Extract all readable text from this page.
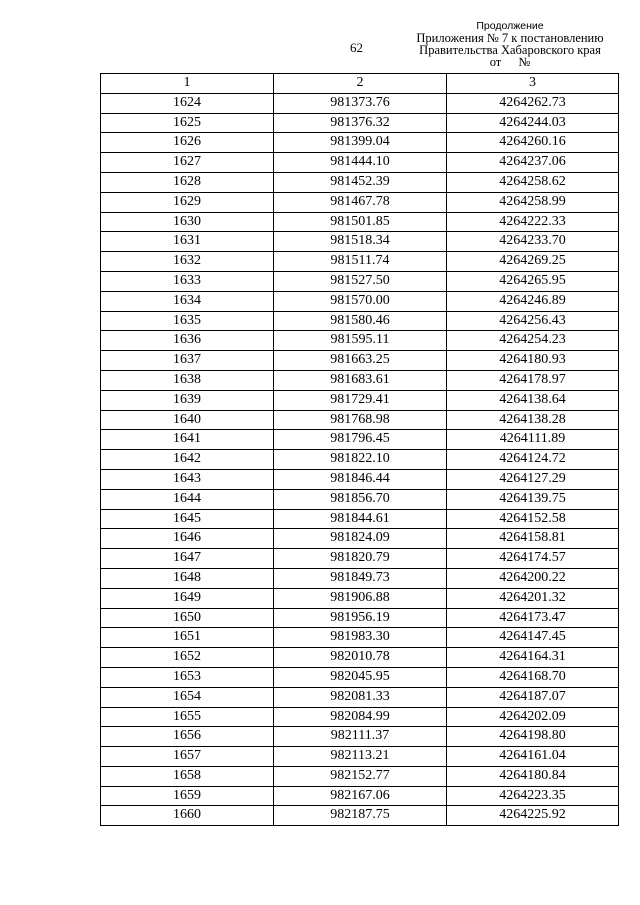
62
Продолжение
Приложения № 7 к постановлению
Правительства Хабаровского края
от №
1	2	3
1624	981373.76	4264262.73
1625	981376.32	4264244.03
1626	981399.04	4264260.16
1627	981444.10	4264237.06
1628	981452.39	4264258.62
1629	981467.78	4264258.99
1630	981501.85	4264222.33
1631	981518.34	4264233.70
1632	981511.74	4264269.25
1633	981527.50	4264265.95
1634	981570.00	4264246.89
1635	981580.46	4264256.43
1636	981595.11	4264254.23
1637	981663.25	4264180.93
1638	981683.61	4264178.97
1639	981729.41	4264138.64
1640	981768.98	4264138.28
1641	981796.45	4264111.89
1642	981822.10	4264124.72
1643	981846.44	4264127.29
1644	981856.70	4264139.75
1645	981844.61	4264152.58
1646	981824.09	4264158.81
1647	981820.79	4264174.57
1648	981849.73	4264200.22
1649	981906.88	4264201.32
1650	981956.19	4264173.47
1651	981983.30	4264147.45
1652	982010.78	4264164.31
1653	982045.95	4264168.70
1654	982081.33	4264187.07
1655	982084.99	4264202.09
1656	982111.37	4264198.80
1657	982113.21	4264161.04
1658	982152.77	4264180.84
1659	982167.06	4264223.35
1660	982187.75	4264225.92
